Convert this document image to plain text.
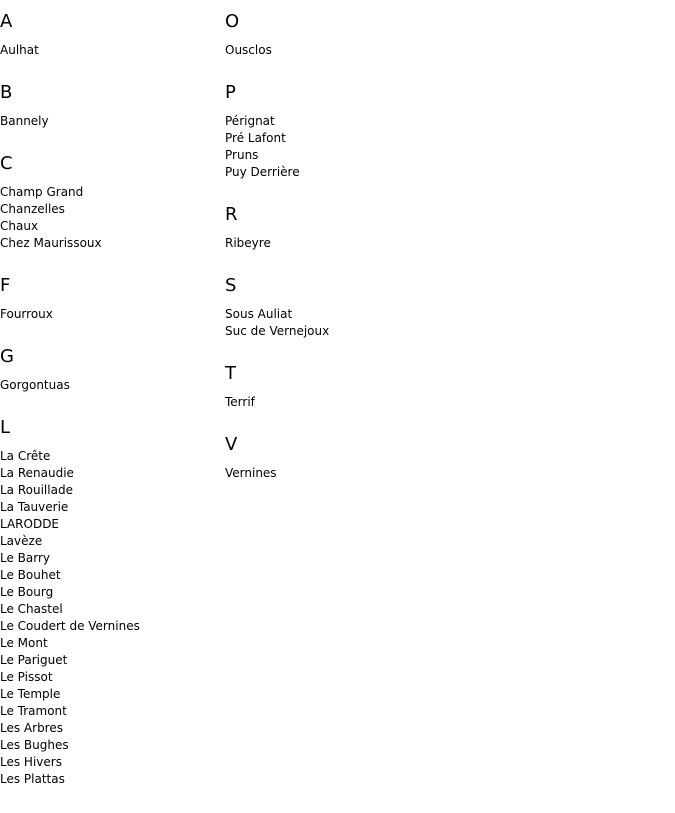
A
Aulhat
B
Bannely
C
Champ Grand
Chanzelles
Chaux
Chez Maurissoux
F
Fourroux
G
Gorgontuas
L
La Crête
La Renaudie
La Rouillade
La Tauverie
LARODDE
Lavèze
Le Barry
Le Bouhet
Le Bourg
Le Chastel
Le Coudert de Vernines
Le Mont
Le Pariguet
Le Pissot
Le Temple
Le Tramont
Les Arbres
Les Bughes
Les Hivers
Les Plattas
O
Ousclos
P
Pérignat
Pré Lafont
Pruns
Puy Derrière
R
Ribeyre
S
Sous Auliat
Suc de Vernejoux
T
Terrif
V
Vernines
